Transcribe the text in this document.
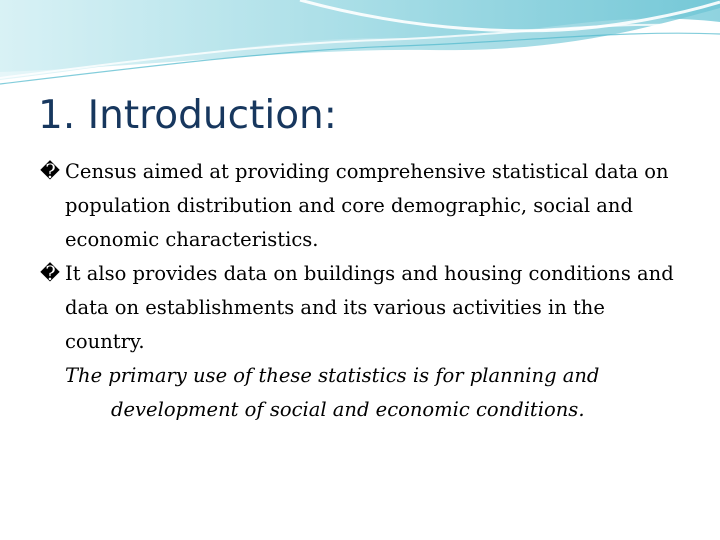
1. Introduction:
� Census aimed at providing comprehensive statistical data on population distribution and core demographic, social and economic characteristics.
� It also provides data on buildings and housing conditions and data on establishments and its various activities in the country.
The primary use of these statistics is for planning and
development of social and economic conditions.
